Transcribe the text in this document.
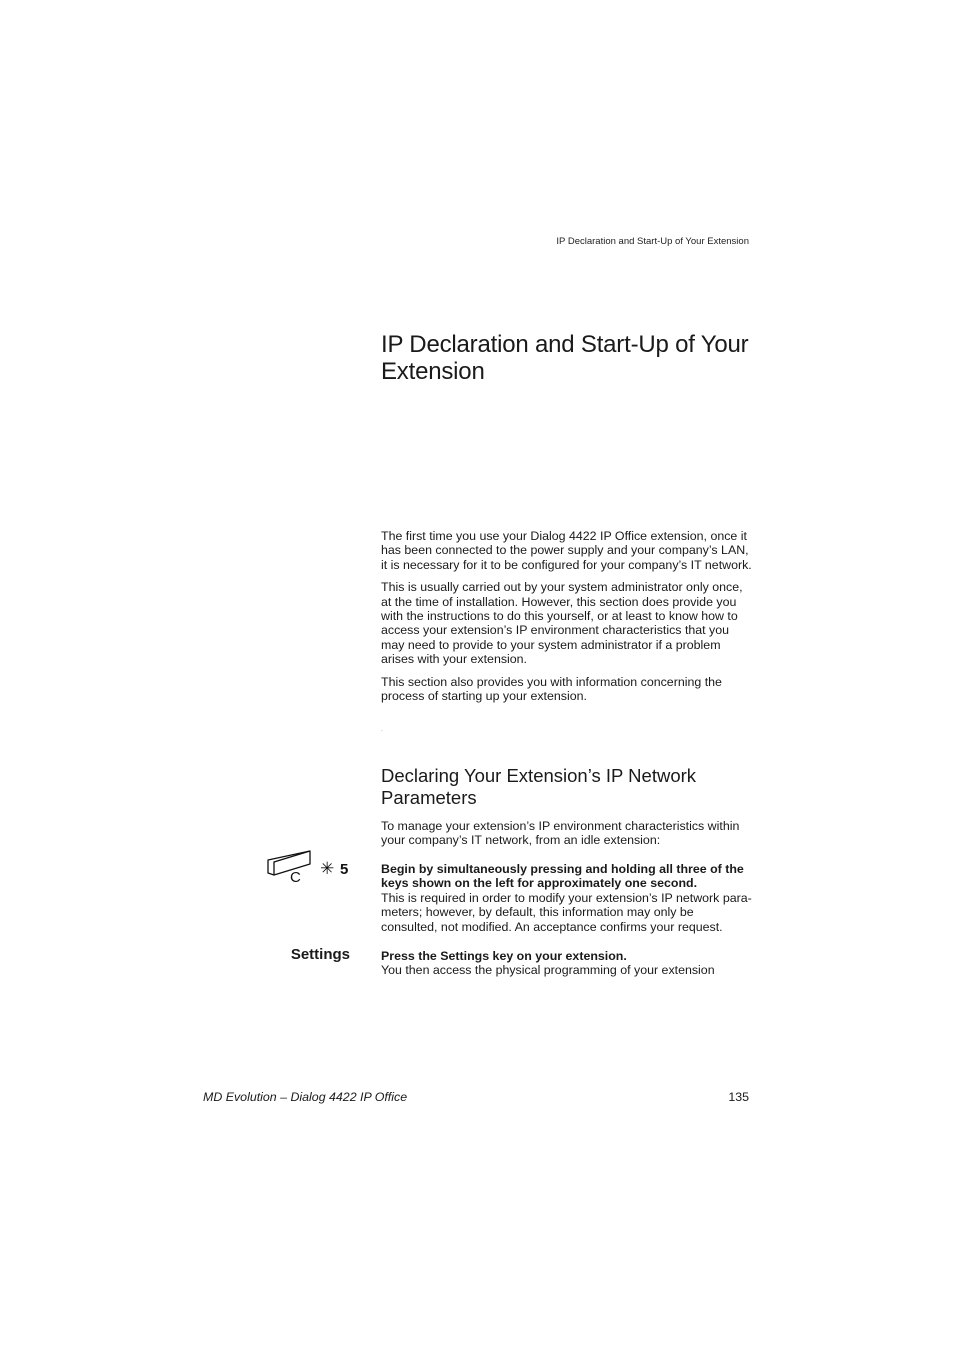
IP Declaration and Start-Up of Your Extension
IP Declaration and Start-Up of Your Extension

The first time you use your Dialog 4422 IP Office extension, once it has been connected to the power supply and your company’s LAN, it is necessary for it to be configured for your company’s IT network.

This is usually carried out by your system administrator only once, at the time of installation. However, this section does provide you with the instructions to do this yourself, or at least to know how to access your extension’s IP environment characteristics that you may need to provide to your system administrator if a problem arises with your extension.

This section also provides you with information concerning the process of starting up your extension.

.
Declaring Your Extension’s IP Network Parameters

To manage your extension’s IP environment characteristics within your company’s IT network, from an idle extension:

C ✳ 5	Begin by simultaneously pressing and holding all three of the keys shown on the left for approximately one second.
This is required in order to modify your extension’s IP network para-meters; however, by default, this information may only be consulted, not modified. An acceptance confirms your request.
Settings	Press the Settings key on your extension.
You then access the physical programming of your extension
MD Evolution – Dialog 4422 IP Office	135
